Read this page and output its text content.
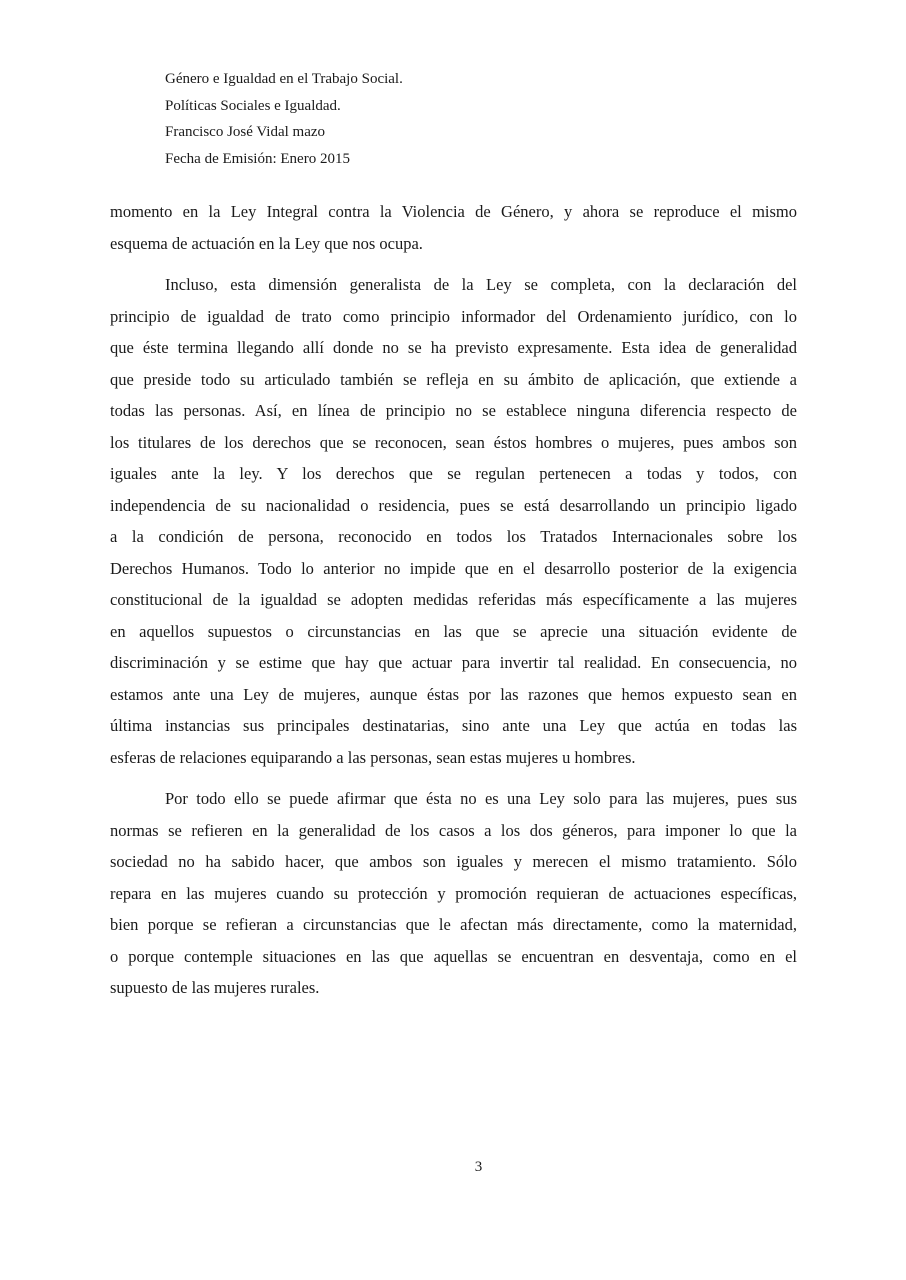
Género e Igualdad en el Trabajo Social.
Políticas Sociales e Igualdad.
Francisco José Vidal mazo
Fecha de Emisión: Enero 2015
momento en la Ley Integral contra la Violencia de Género, y ahora se reproduce el mismo
esquema de actuación en la Ley que nos ocupa.
Incluso, esta dimensión generalista de la Ley se completa, con la declaración del
principio de igualdad de trato como principio informador del Ordenamiento jurídico, con lo
que éste termina llegando allí donde no se ha previsto expresamente. Esta idea de generalidad
que preside todo su articulado también se refleja en su ámbito de aplicación, que extiende a
todas las personas. Así, en línea de principio no se establece ninguna diferencia respecto de
los titulares de los derechos que se reconocen, sean éstos hombres o mujeres, pues ambos son
iguales ante la ley. Y los derechos que se regulan pertenecen a todas y todos, con
independencia de su nacionalidad o residencia, pues se está desarrollando un principio ligado
a la condición de persona, reconocido en todos los Tratados Internacionales sobre los
Derechos Humanos. Todo lo anterior no impide que en el desarrollo posterior de la exigencia
constitucional de la igualdad se adopten medidas referidas más específicamente a las mujeres
en aquellos supuestos o circunstancias en las que se aprecie una situación evidente de
discriminación y se estime que hay que actuar para invertir tal realidad. En consecuencia, no
estamos ante una Ley de mujeres, aunque éstas por las razones que hemos expuesto sean en
última instancias sus principales destinatarias, sino ante una Ley que actúa en todas las
esferas de relaciones equiparando a las personas, sean estas mujeres u hombres.
Por todo ello se puede afirmar que ésta no es una Ley solo para las mujeres, pues sus
normas se refieren en la generalidad de los casos a los dos géneros, para imponer lo que la
sociedad no ha sabido hacer, que ambos son iguales y merecen el mismo tratamiento. Sólo
repara en las mujeres cuando su protección y promoción requieran de actuaciones específicas,
bien porque se refieran a circunstancias que le afectan más directamente, como la maternidad,
o porque contemple situaciones en las que aquellas se encuentran en desventaja, como en el
supuesto de las mujeres rurales.
3
